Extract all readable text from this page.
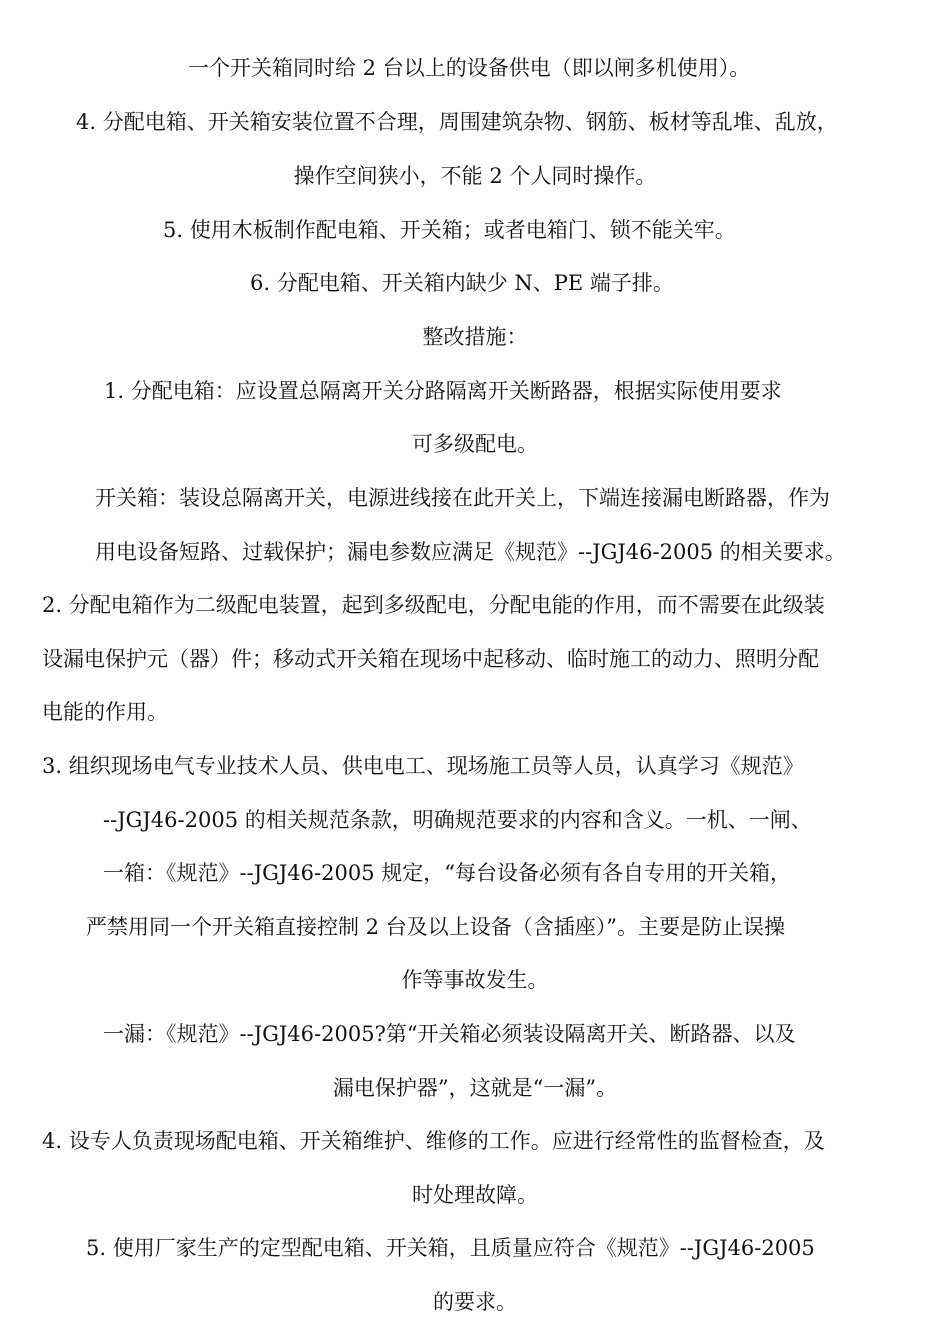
一个开关箱同时给 2 台以上的设备供电（即以闸多机使用）。
4. 分配电箱、开关箱安装位置不合理，周围建筑杂物、钢筋、板材等乱堆、乱放，
操作空间狭小，不能 2 个人同时操作。
5. 使用木板制作配电箱、开关箱；或者电箱门、锁不能关牢。
6. 分配电箱、开关箱内缺少 N、PE 端子排。
整改措施：
1. 分配电箱：应设置总隔离开关分路隔离开关断路器，根据实际使用要求
可多级配电。
开关箱：装设总隔离开关，电源进线接在此开关上，下端连接漏电断路器，作为
用电设备短路、过载保护；漏电参数应满足《规范》--JGJ46-2005 的相关要求。
2. 分配电箱作为二级配电装置，起到多级配电，分配电能的作用，而不需要在此级装
设漏电保护元（器）件；移动式开关箱在现场中起移动、临时施工的动力、照明分配
电能的作用。
3. 组织现场电气专业技术人员、供电电工、现场施工员等人员，认真学习《规范》
--JGJ46-2005 的相关规范条款，明确规范要求的内容和含义。一机、一闸、
一箱：《规范》--JGJ46-2005 规定，“每台设备必须有各自专用的开关箱，
严禁用同一个开关箱直接控制 2 台及以上设备（含插座）”。主要是防止误操
作等事故发生。
一漏：《规范》--JGJ46-2005?第“开关箱必须装设隔离开关、断路器、以及
漏电保护器”，这就是“一漏”。
4. 设专人负责现场配电箱、开关箱维护、维修的工作。应进行经常性的监督检查，及
时处理故障。
5. 使用厂家生产的定型配电箱、开关箱，且质量应符合《规范》--JGJ46-2005
的要求。
